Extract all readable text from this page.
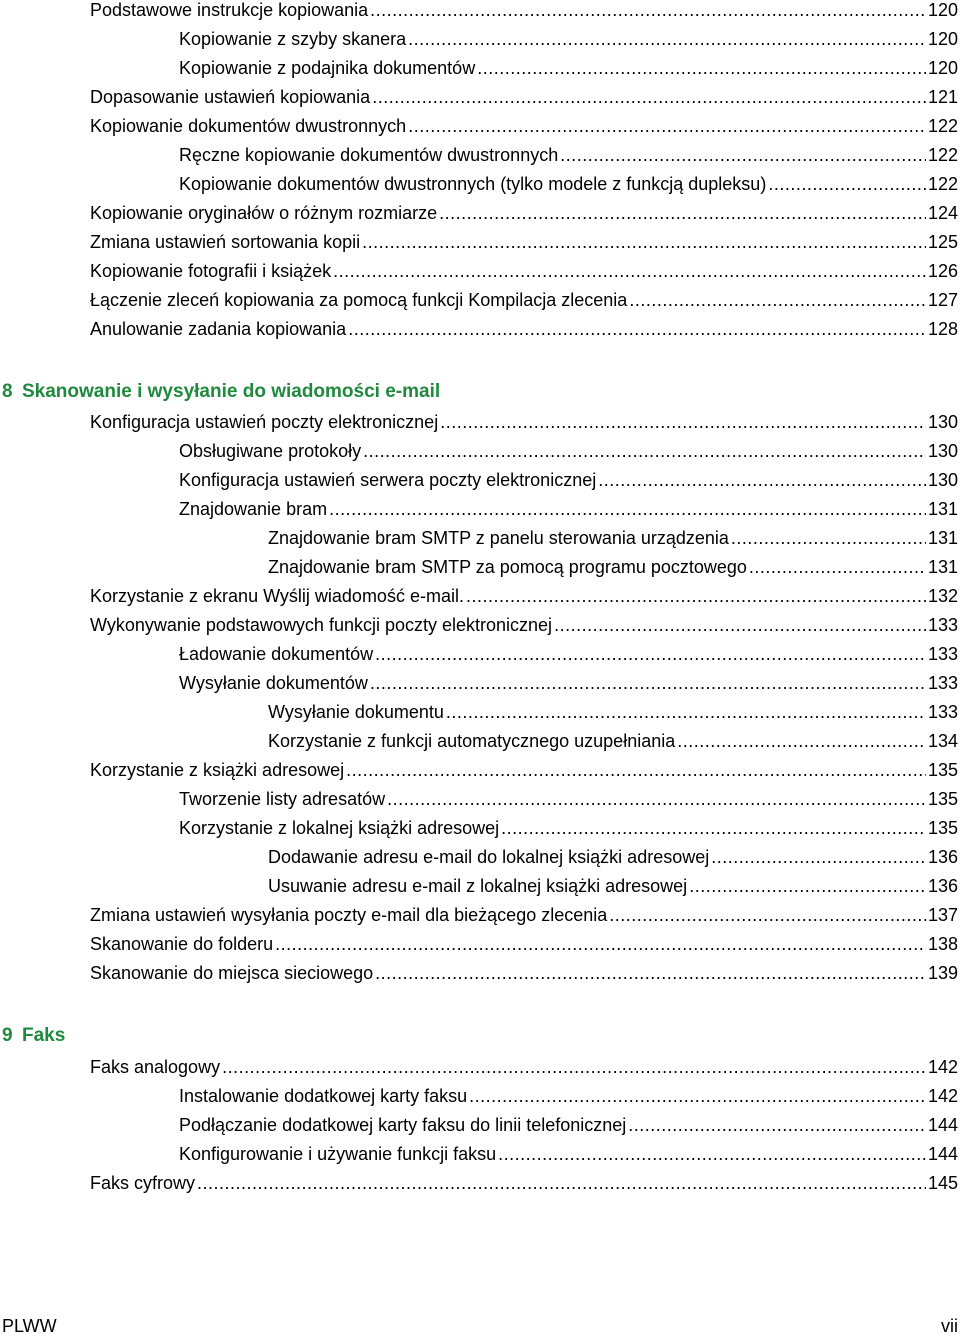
Podstawowe instrukcje kopiowania .....	120
Kopiowanie z szyby skanera .....	120
Kopiowanie z podajnika dokumentów .....	120
Dopasowanie ustawień kopiowania .....	121
Kopiowanie dokumentów dwustronnych .....	122
Ręczne kopiowanie dokumentów dwustronnych .....	122
Kopiowanie dokumentów dwustronnych (tylko modele z funkcją dupleksu) .....	122
Kopiowanie oryginałów o różnym rozmiarze .....	124
Zmiana ustawień sortowania kopii .....	125
Kopiowanie fotografii i książek .....	126
Łączenie zleceń kopiowania za pomocą funkcji Kompilacja zlecenia .....	127
Anulowanie zadania kopiowania .....	128
8 Skanowanie i wysyłanie do wiadomości e-mail
Konfiguracja ustawień poczty elektronicznej .....	130
Obsługiwane protokoły .....	130
Konfiguracja ustawień serwera poczty elektronicznej .....	130
Znajdowanie bram .....	131
Znajdowanie bram SMTP z panelu sterowania urządzenia .....	131
Znajdowanie bram SMTP za pomocą programu pocztowego .....	131
Korzystanie z ekranu Wyślij wiadomość e-mail. .....	132
Wykonywanie podstawowych funkcji poczty elektronicznej .....	133
Ładowanie dokumentów .....	133
Wysyłanie dokumentów .....	133
Wysyłanie dokumentu .....	133
Korzystanie z funkcji automatycznego uzupełniania .....	134
Korzystanie z książki adresowej .....	135
Tworzenie listy adresatów .....	135
Korzystanie z lokalnej książki adresowej .....	135
Dodawanie adresu e-mail do lokalnej książki adresowej .....	136
Usuwanie adresu e-mail z lokalnej książki adresowej .....	136
Zmiana ustawień wysyłania poczty e-mail dla bieżącego zlecenia .....	137
Skanowanie do folderu .....	138
Skanowanie do miejsca sieciowego .....	139
9 Faks
Faks analogowy .....	142
Instalowanie dodatkowej karty faksu .....	142
Podłączanie dodatkowej karty faksu do linii telefonicznej .....	144
Konfigurowanie i używanie funkcji faksu .....	144
Faks cyfrowy .....	145
PLWW	vii
